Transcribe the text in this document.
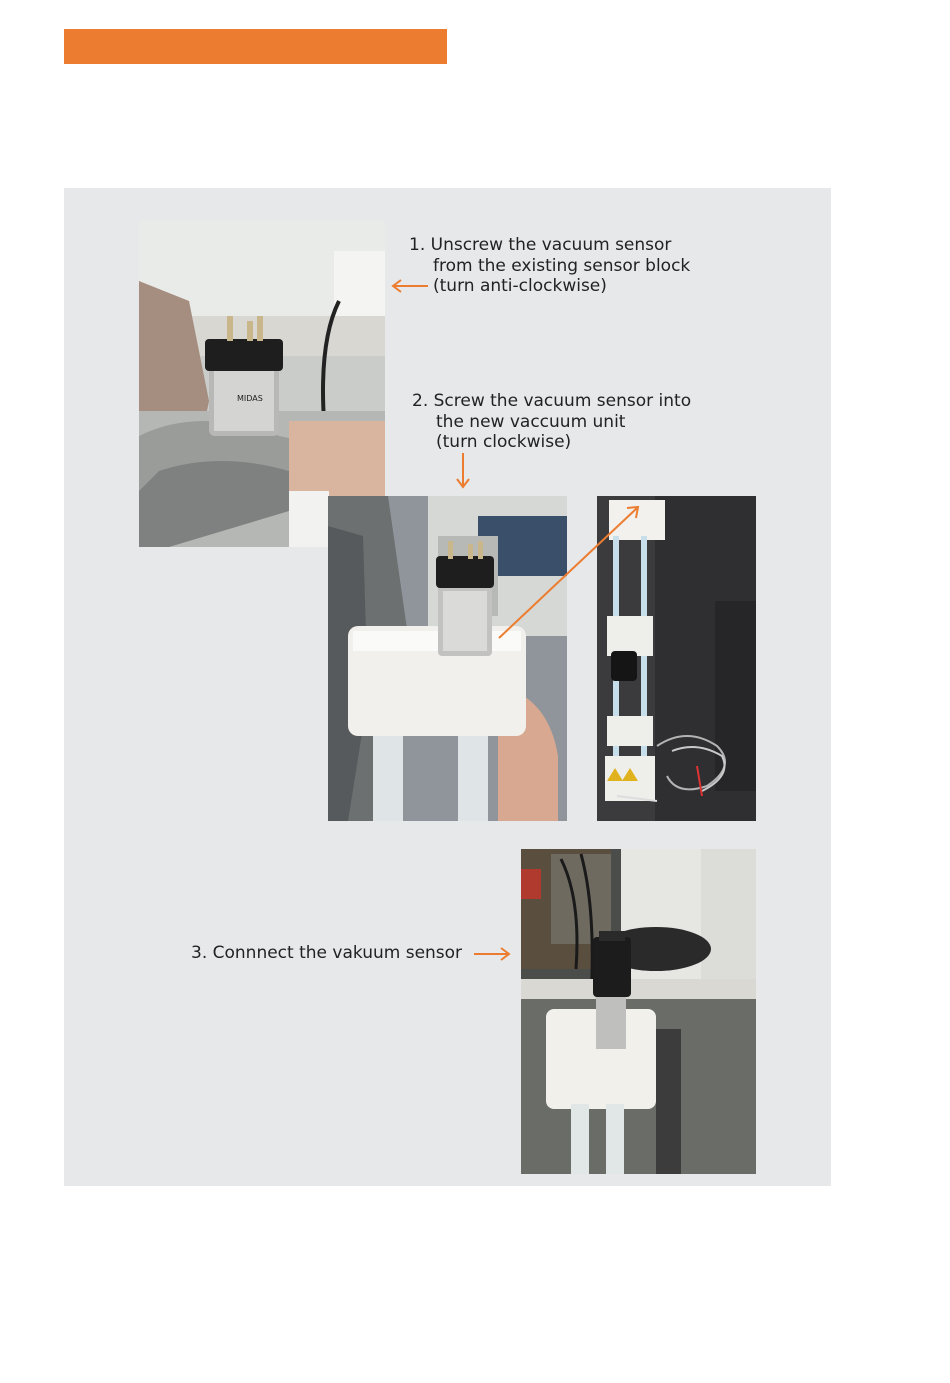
MIDAS
1. Unscrew the vacuum sensor
from the existing sensor block
(turn anti-clockwise)
2. Screw the vacuum sensor into
the new vaccuum unit
(turn clockwise)
3. Connnect the vakuum sensor
